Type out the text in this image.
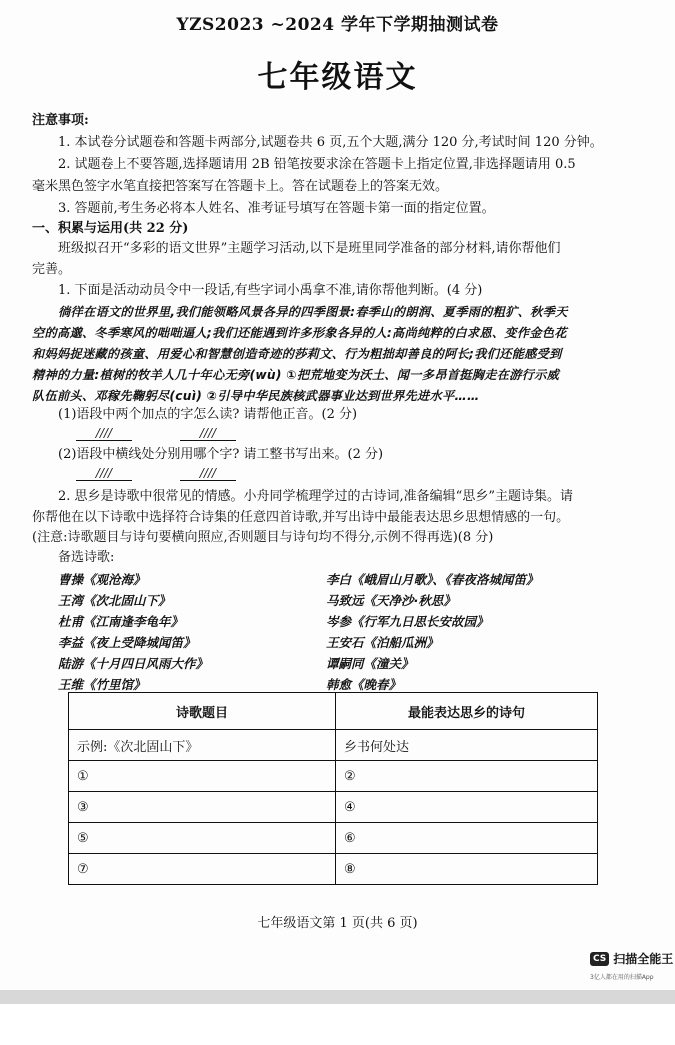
YZS2023 ~2024 学年下学期抽测试卷
七年级语文
注意事项:
1. 本试卷分试题卷和答题卡两部分,试题卷共 6 页,五个大题,满分 120 分,考试时间 120 分钟。
2. 试题卷上不要答题,选择题请用 2B 铅笔按要求涂在答题卡上指定位置,非选择题请用 0.5
毫米黑色签字水笔直接把答案写在答题卡上。答在试题卷上的答案无效。
3. 答题前,考生务必将本人姓名、准考证号填写在答题卡第一面的指定位置。
一、积累与运用(共 22 分)
班级拟召开“多彩的语文世界”主题学习活动,以下是班里同学准备的部分材料,请你帮他们
完善。
1. 下面是活动动员令中一段话,有些字词小禹拿不准,请你帮他判断。(4 分)
徜徉在语文的世界里,我们能领略风景各异的四季图景:春季山的朗润、夏季雨的粗犷、秋季天
空的高邈、冬季寒风的咄咄逼人;我们还能遇到许多形象各异的人:高尚纯粹的白求恩、变作金色花
和妈妈捉迷藏的孩童、用爱心和智慧创造奇迹的莎莉文、行为粗拙却善良的阿长;我们还能感受到
精神的力量:植树的牧羊人几十年心无旁(wù) ①把荒地变为沃土、闻一多昂首挺胸走在游行示威
队伍前头、邓稼先鞠躬尽(cuì) ②引导中华民族核武器事业达到世界先进水平……
(1)语段中两个加点的字怎么读? 请帮他正音。(2 分)
////	////
(2)语段中横线处分别用哪个字? 请工整书写出来。(2 分)
////	////
2. 思乡是诗歌中很常见的情感。小舟同学梳理学过的古诗词,准备编辑“思乡”主题诗集。请
你帮他在以下诗歌中选择符合诗集的任意四首诗歌,并写出诗中最能表达思乡思想情感的一句。
(注意:诗歌题目与诗句要横向照应,否则题目与诗句均不得分,示例不得再选)(8 分)
备选诗歌:
曹操《观沧海》
王湾《次北固山下》
杜甫《江南逢李龟年》
李益《夜上受降城闻笛》
陆游《十月四日风雨大作》
王维《竹里馆》
李白《峨眉山月歌》、《春夜洛城闻笛》
马致远《天净沙·秋思》
岑参《行军九日思长安故园》
王安石《泊船瓜洲》
谭嗣同《潼关》
韩愈《晚春》
诗歌题目	最能表达思乡的诗句
示例:《次北固山下》	乡书何处达
①	②
③	④
⑤	⑥
⑦	⑧
七年级语文第 1 页(共 6 页)
CS 扫描全能王
3亿人都在用的扫描App
